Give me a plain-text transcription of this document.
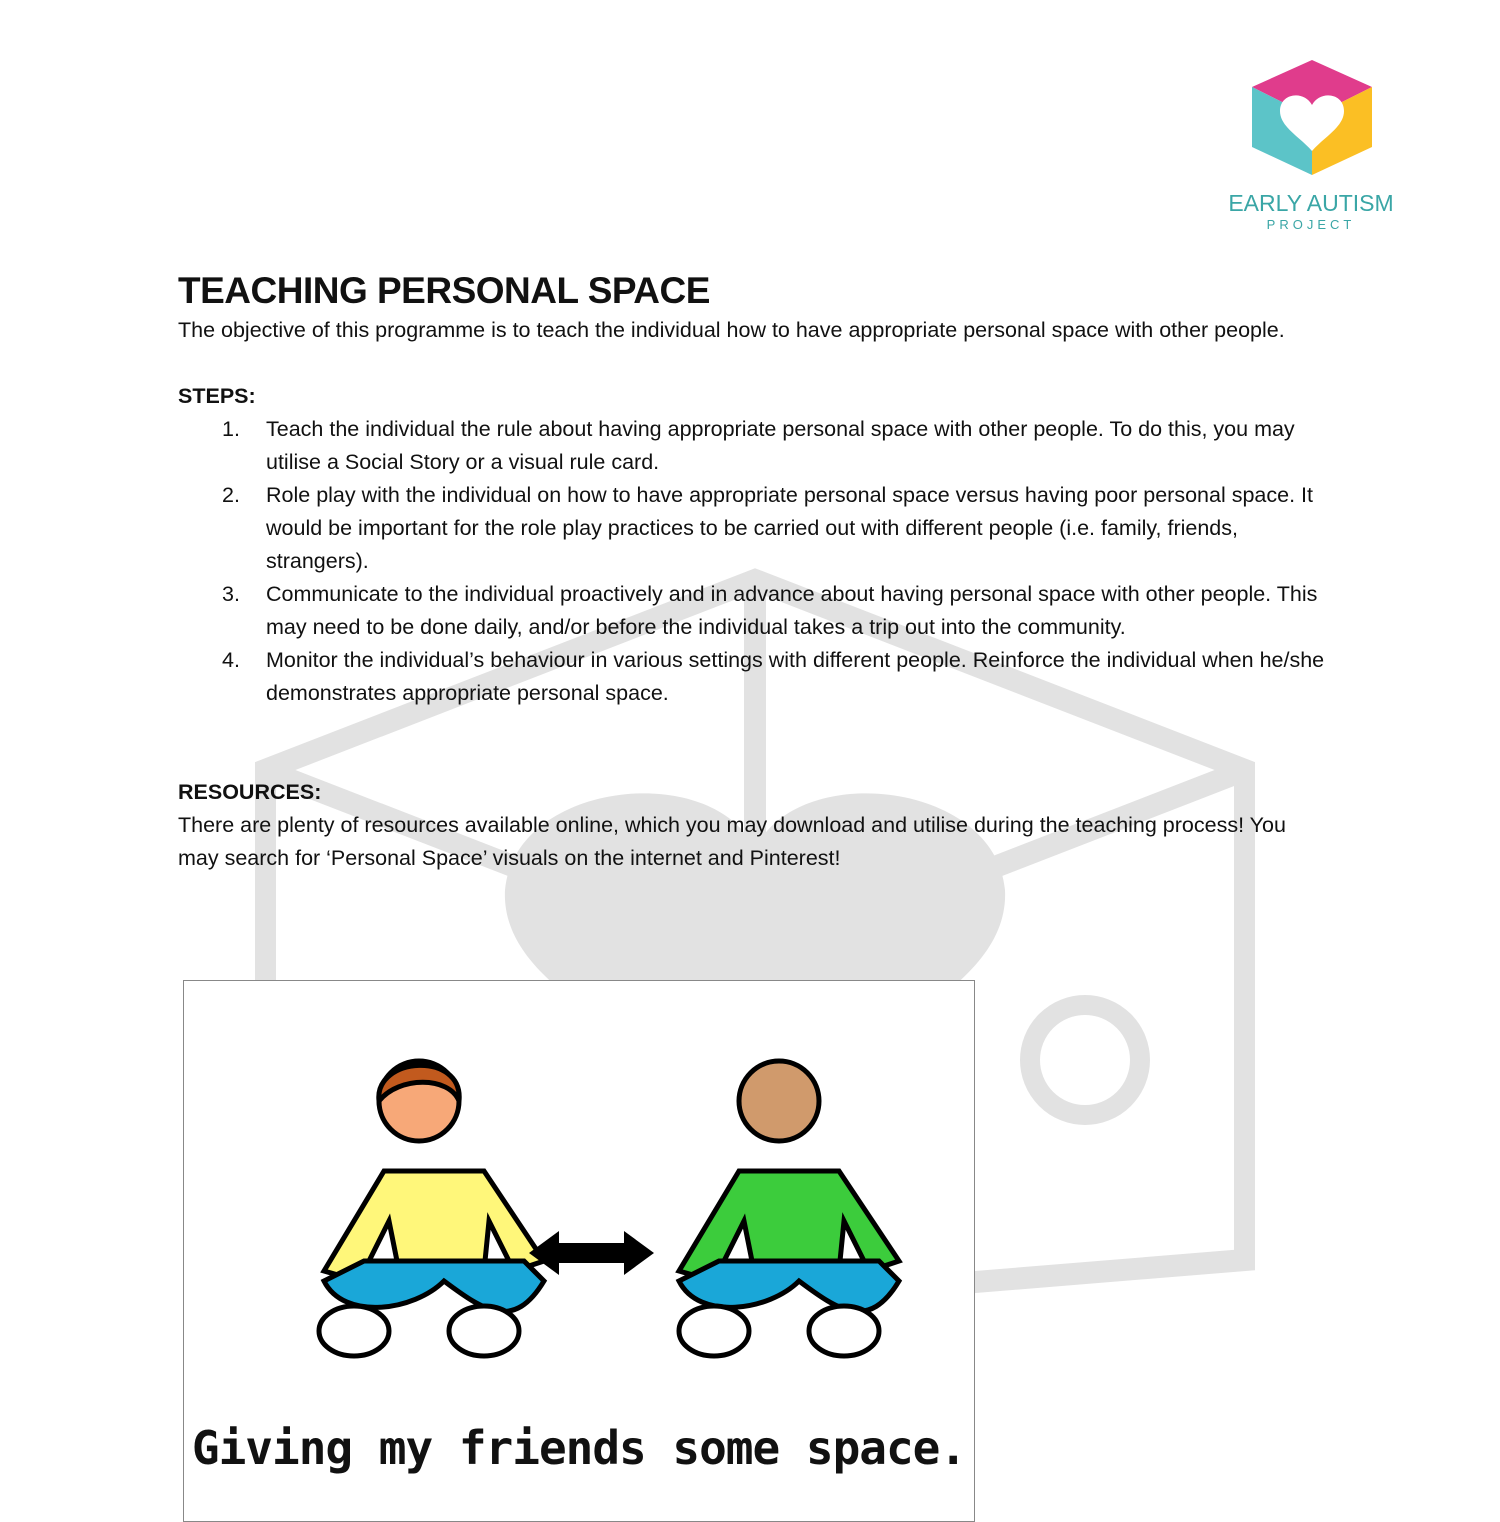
EARLY AUTISM
PROJECT
TEACHING PERSONAL SPACE

The objective of this programme is to teach the individual how to have appropriate personal space with other people.

STEPS:

1. Teach the individual the rule about having appropriate personal space with other people. To do this, you may utilise a Social Story or a visual rule card.
2. Role play with the individual on how to have appropriate personal space versus having poor personal space. It would be important for the role play practices to be carried out with different people (i.e. family, friends, strangers).
3. Communicate to the individual proactively and in advance about having personal space with other people. This may need to be done daily, and/or before the individual takes a trip out into the community.
4. Monitor the individual’s behaviour in various settings with different people. Reinforce the individual when he/she demonstrates appropriate personal space.

RESOURCES:

There are plenty of resources available online, which you may download and utilise during the teaching process! You may search for ‘Personal Space’ visuals on the internet and Pinterest!

Giving my friends some space.
